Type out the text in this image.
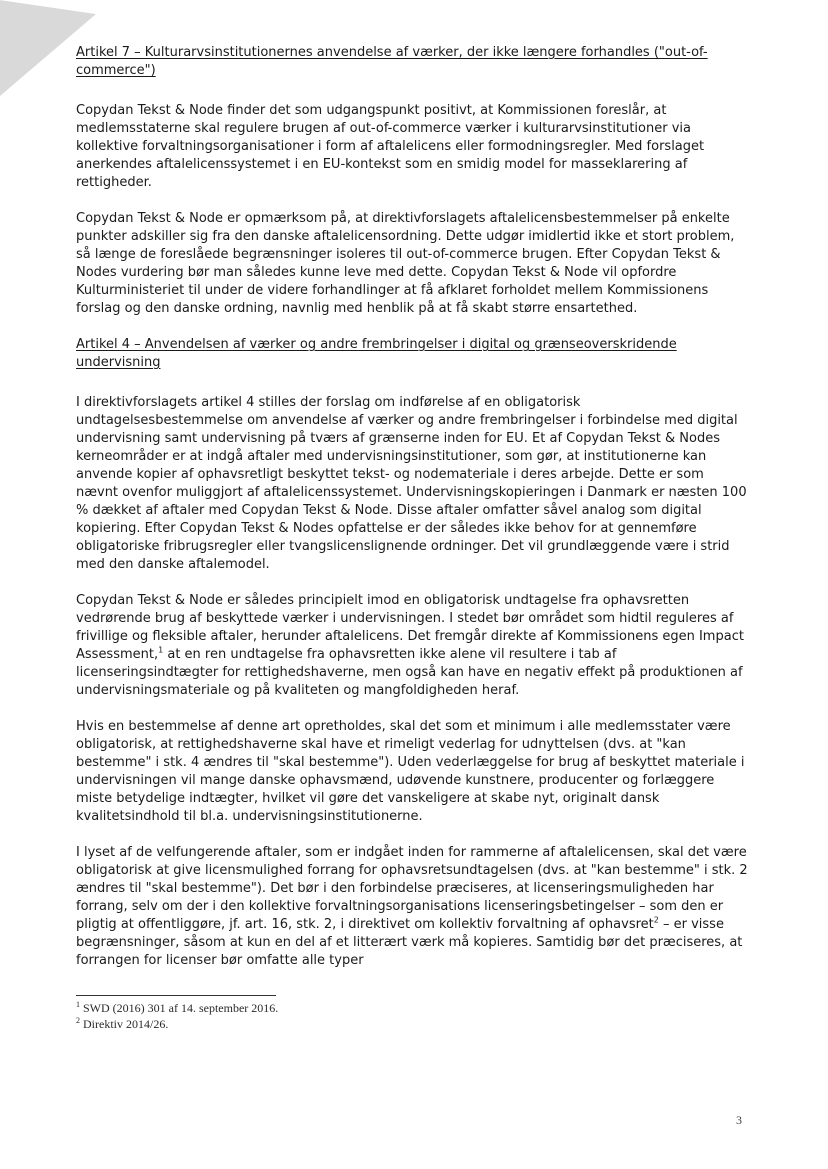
Artikel 7 – Kulturarvsinstitutionernes anvendelse af værker, der ikke længere forhandles ("out-of-commerce")

Copydan Tekst & Node finder det som udgangspunkt positivt, at Kommissionen foreslår, at medlemsstaterne skal regulere brugen af out-of-commerce værker i kulturarvsinstitutioner via kollektive forvaltningsorganisationer i form af aftalelicens eller formodningsregler. Med forslaget anerkendes aftalelicenssystemet i en EU-kontekst som en smidig model for masseklarering af rettigheder.

Copydan Tekst & Node er opmærksom på, at direktivforslagets aftalelicensbestemmelser på enkelte punkter adskiller sig fra den danske aftalelicensordning. Dette udgør imidlertid ikke et stort problem, så længe de foreslåede begrænsninger isoleres til out-of-commerce brugen. Efter Copydan Tekst & Nodes vurdering bør man således kunne leve med dette. Copydan Tekst & Node vil opfordre Kulturministeriet til under de videre forhandlinger at få afklaret forholdet mellem Kommissionens forslag og den danske ordning, navnlig med henblik på at få skabt større ensartethed.

Artikel 4 – Anvendelsen af værker og andre frembringelser i digital og grænseoverskridende undervisning

I direktivforslagets artikel 4 stilles der forslag om indførelse af en obligatorisk undtagelsesbestemmelse om anvendelse af værker og andre frembringelser i forbindelse med digital undervisning samt undervisning på tværs af grænserne inden for EU. Et af Copydan Tekst & Nodes kerneområder er at indgå aftaler med undervisningsinstitutioner, som gør, at institutionerne kan anvende kopier af ophavsretligt beskyttet tekst- og nodemateriale i deres arbejde. Dette er som nævnt ovenfor muliggjort af aftalelicenssystemet. Undervisningskopieringen i Danmark er næsten 100 % dækket af aftaler med Copydan Tekst & Node. Disse aftaler omfatter såvel analog som digital kopiering. Efter Copydan Tekst & Nodes opfattelse er der således ikke behov for at gennemføre obligatoriske fribrugsregler eller tvangslicenslignende ordninger. Det vil grundlæggende være i strid med den danske aftalemodel.

Copydan Tekst & Node er således principielt imod en obligatorisk undtagelse fra ophavsretten vedrørende brug af beskyttede værker i undervisningen. I stedet bør området som hidtil reguleres af frivillige og fleksible aftaler, herunder aftalelicens. Det fremgår direkte af Kommissionens egen Impact Assessment,$^1$ at en ren undtagelse fra ophavsretten ikke alene vil resultere i tab af licenseringsindtægter for rettighedshaverne, men også kan have en negativ effekt på produktionen af undervisningsmateriale og på kvaliteten og mangfoldigheden heraf.

Hvis en bestemmelse af denne art opretholdes, skal det som et minimum i alle medlemsstater være obligatorisk, at rettighedshaverne skal have et rimeligt vederlag for udnyttelsen (dvs. at "kan bestemme" i stk. 4 ændres til "skal bestemme"). Uden vederlæggelse for brug af beskyttet materiale i undervisningen vil mange danske ophavsmænd, udøvende kunstnere, producenter og forlæggere miste betydelige indtægter, hvilket vil gøre det vanskeligere at skabe nyt, originalt dansk kvalitetsindhold til bl.a. undervisningsinstitutionerne.

I lyset af de velfungerende aftaler, som er indgået inden for rammerne af aftalelicensen, skal det være obligatorisk at give licensmulighed forrang for ophavsretsundtagelsen (dvs. at "kan bestemme" i stk. 2 ændres til "skal bestemme"). Det bør i den forbindelse præciseres, at licenseringsmuligheden har forrang, selv om der i den kollektive forvaltningsorganisations licenseringsbetingelser – som den er pligtig at offentliggøre, jf. art. 16, stk. 2, i direktivet om kollektiv forvaltning af ophavsret$^2$ – er visse begrænsninger, såsom at kun en del af et litterært værk må kopieres. Samtidig bør det præciseres, at forrangen for licenser bør omfatte alle typer

$^1$ SWD (2016) 301 af 14. september 2016.
$^2$ Direktiv 2014/26.
3
